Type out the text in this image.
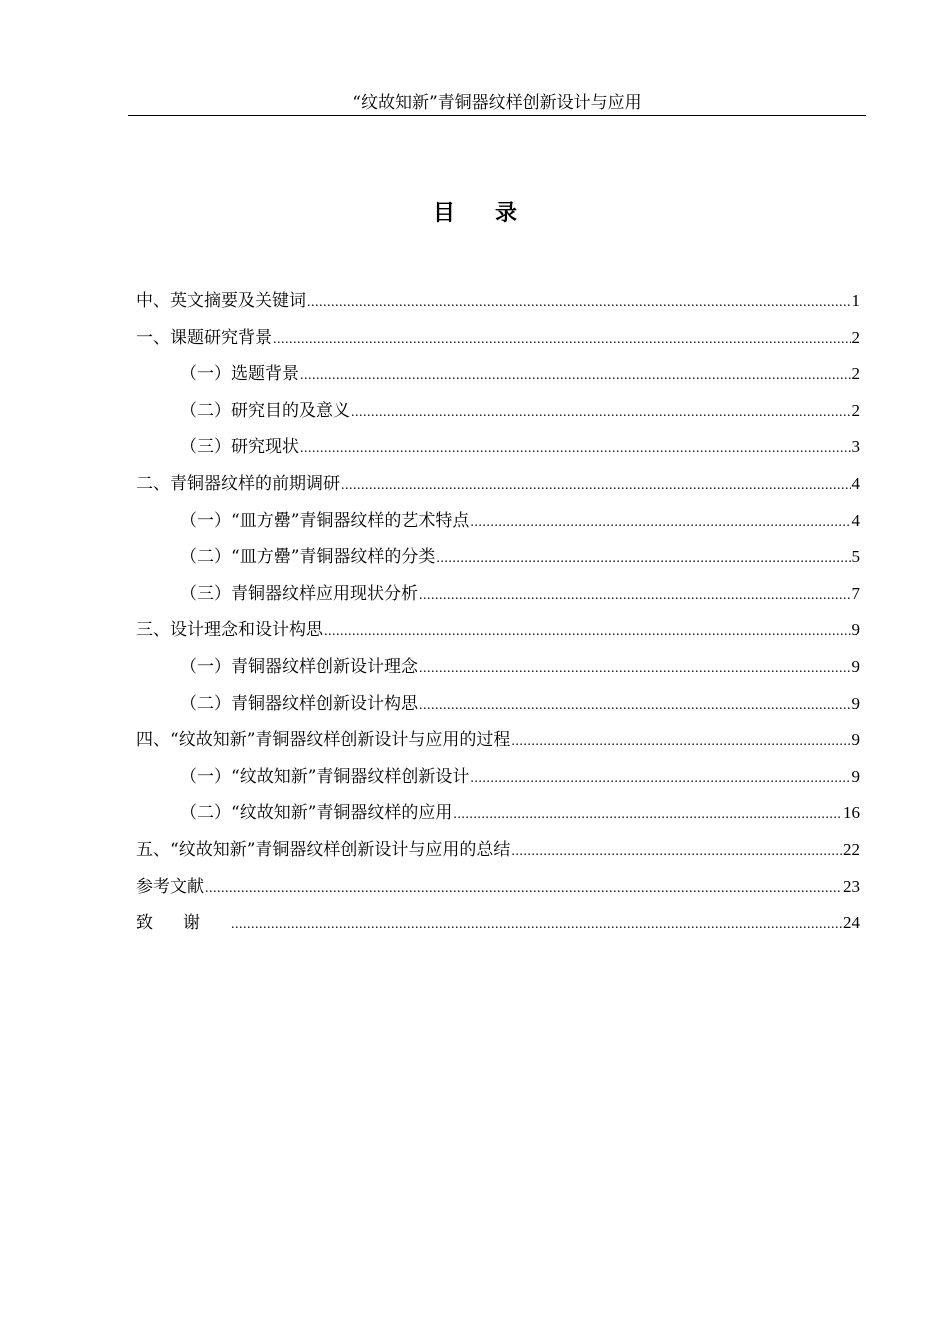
“纹故知新”青铜器纹样创新设计与应用
目录
中、英文摘要及关键词 .....	1
一、课题研究背景 .....	2
（一）选题背景 .....	2
（二）研究目的及意义 .....	2
（三）研究现状 .....	3
二、青铜器纹样的前期调研 .....	4
（一）“皿方罍”青铜器纹样的艺术特点 .....	4
（二）“皿方罍”青铜器纹样的分类 .....	5
（三）青铜器纹样应用现状分析 .....	7
三、设计理念和设计构思 .....	9
（一）青铜器纹样创新设计理念 .....	9
（二）青铜器纹样创新设计构思 .....	9
四、“纹故知新”青铜器纹样创新设计与应用的过程 .....	9
（一）“纹故知新”青铜器纹样创新设计 .....	9
（二）“纹故知新”青铜器纹样的应用 .....	16
五、“纹故知新”青铜器纹样创新设计与应用的总结 .....	22
参考文献 .....	23
致谢 .....	24
